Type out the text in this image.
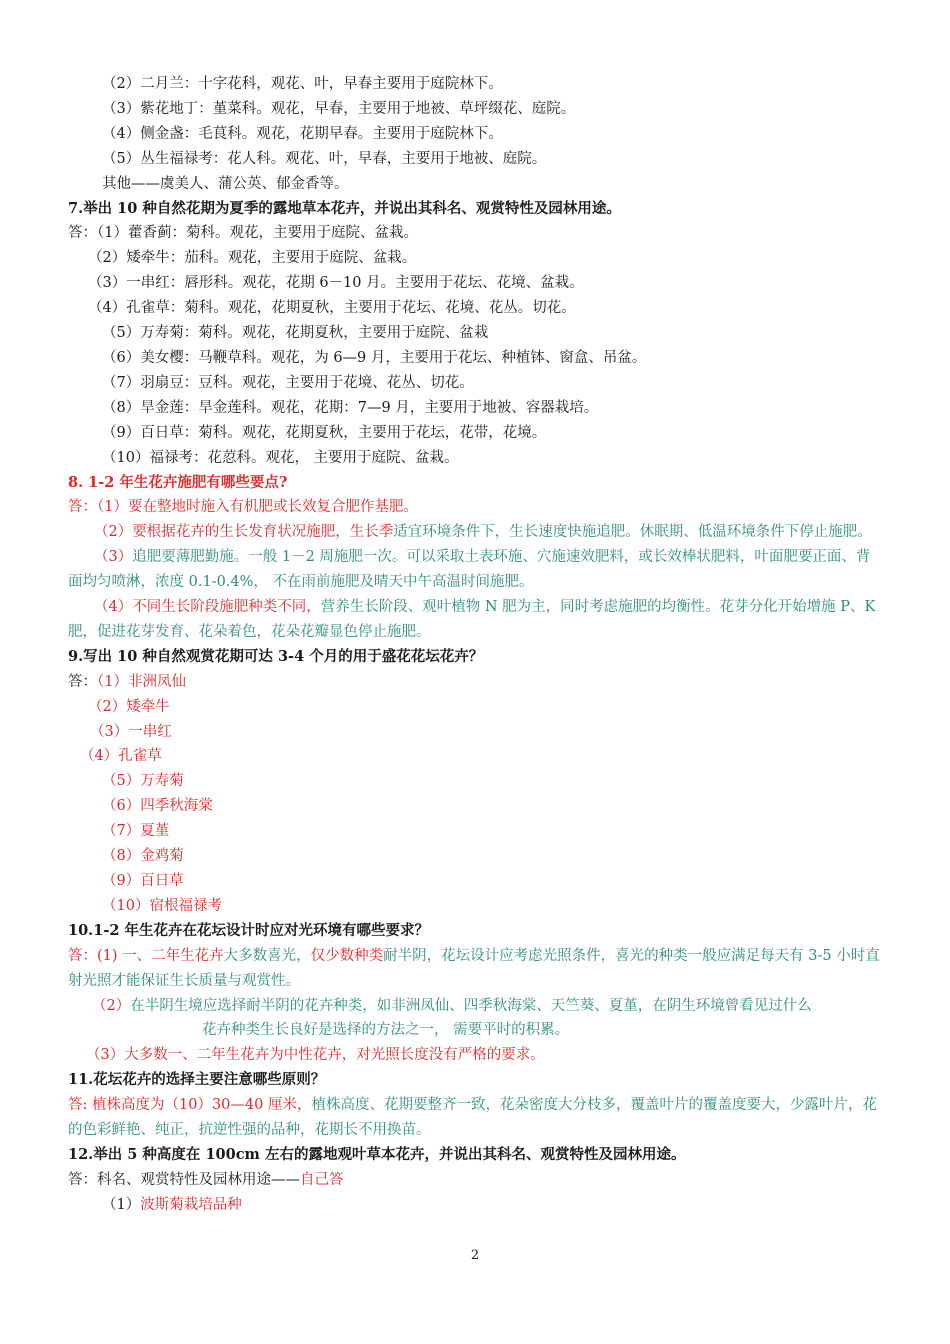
（2）二月兰：十字花科，观花、叶，早春主要用于庭院林下。
（3）紫花地丁：堇菜科。观花，早春，主要用于地被、草坪缀花、庭院。
（4）侧金盏：毛茛科。观花，花期早春。主要用于庭院林下。
（5）丛生福禄考：花人科。观花、叶，早春，主要用于地被、庭院。
其他——虞美人、蒲公英、郁金香等。
7.举出 10 种自然花期为夏季的露地草本花卉，并说出其科名、观赏特性及园林用途。
答：（1）藿香蓟：菊科。观花，主要用于庭院、盆栽。
（2）矮牵牛：茄科。观花，主要用于庭院、盆栽。
（3）一串红：唇形科。观花，花期 6－10 月。主要用于花坛、花境、盆栽。
（4）孔雀草：菊科。观花，花期夏秋，主要用于花坛、花境、花丛。切花。
（5）万寿菊：菊科。观花，花期夏秋，主要用于庭院、盆栽
（6）美女樱：马鞭草科。观花，为 6—9 月，主要用于花坛、种植钵、窗盒、吊盆。
（7）羽扇豆：豆科。观花，主要用于花境、花丛、切花。
（8）旱金莲：旱金莲科。观花，花期：7—9 月，主要用于地被、容器栽培。
（9）百日草：菊科。观花，花期夏秋，主要用于花坛，花带，花境。
（10）福禄考：花荵科。观花， 主要用于庭院、盆栽。
8. 1-2 年生花卉施肥有哪些要点?
答：（1）要在整地时施入有机肥或长效复合肥作基肥。
（2）要根据花卉的生长发育状况施肥，生长季适宜环境条件下，生长速度快施追肥。休眠期、低温环境条件下停止施肥。
（3）追肥要薄肥勤施。一般 1－2 周施肥一次。可以采取土表环施、穴施速效肥料，或长效棒状肥料，叶面肥要正面、背面均匀喷淋，浓度 0.1-0.4%， 不在雨前施肥及晴天中午高温时间施肥。
（4）不同生长阶段施肥种类不同，营养生长阶段、观叶植物 N 肥为主，同时考虑施肥的均衡性。花芽分化开始增施 P、K 肥，促进花芽发育、花朵着色，花朵花瓣显色停止施肥。
9.写出 10 种自然观赏花期可达 3-4 个月的用于盛花花坛花卉？
答：（1）非洲凤仙
（2）矮牵牛
（3）一串红
（4）孔雀草
（5）万寿菊
（6）四季秋海棠
（7）夏堇
（8）金鸡菊
（9）百日草
（10）宿根福禄考
10.1-2 年生花卉在花坛设计时应对光环境有哪些要求？
答：(1) 一、二年生花卉大多数喜光，仅少数种类耐半阴，花坛设计应考虑光照条件，喜光的种类一般应满足每天有 3-5 小时直射光照才能保证生长质量与观赏性。
（2）在半阴生境应选择耐半阴的花卉种类，如非洲凤仙、四季秋海棠、天竺葵、夏堇，在阴生环境曾看见过什么
花卉种类生长良好是选择的方法之一， 需要平时的积累。
（3）大多数一、二年生花卉为中性花卉，对光照长度没有严格的要求。
11.花坛花卉的选择主要注意哪些原则？
答: 植株高度为（10）30—40 厘米，植株高度、花期要整齐一致，花朵密度大分枝多，覆盖叶片的覆盖度要大，少露叶片，花的色彩鲜艳、纯正，抗逆性强的品种，花期长不用换苗。
12.举出 5 种高度在 100cm 左右的露地观叶草本花卉，并说出其科名、观赏特性及园林用途。
答：科名、观赏特性及园林用途——自己答
（1）波斯菊栽培品种
2
